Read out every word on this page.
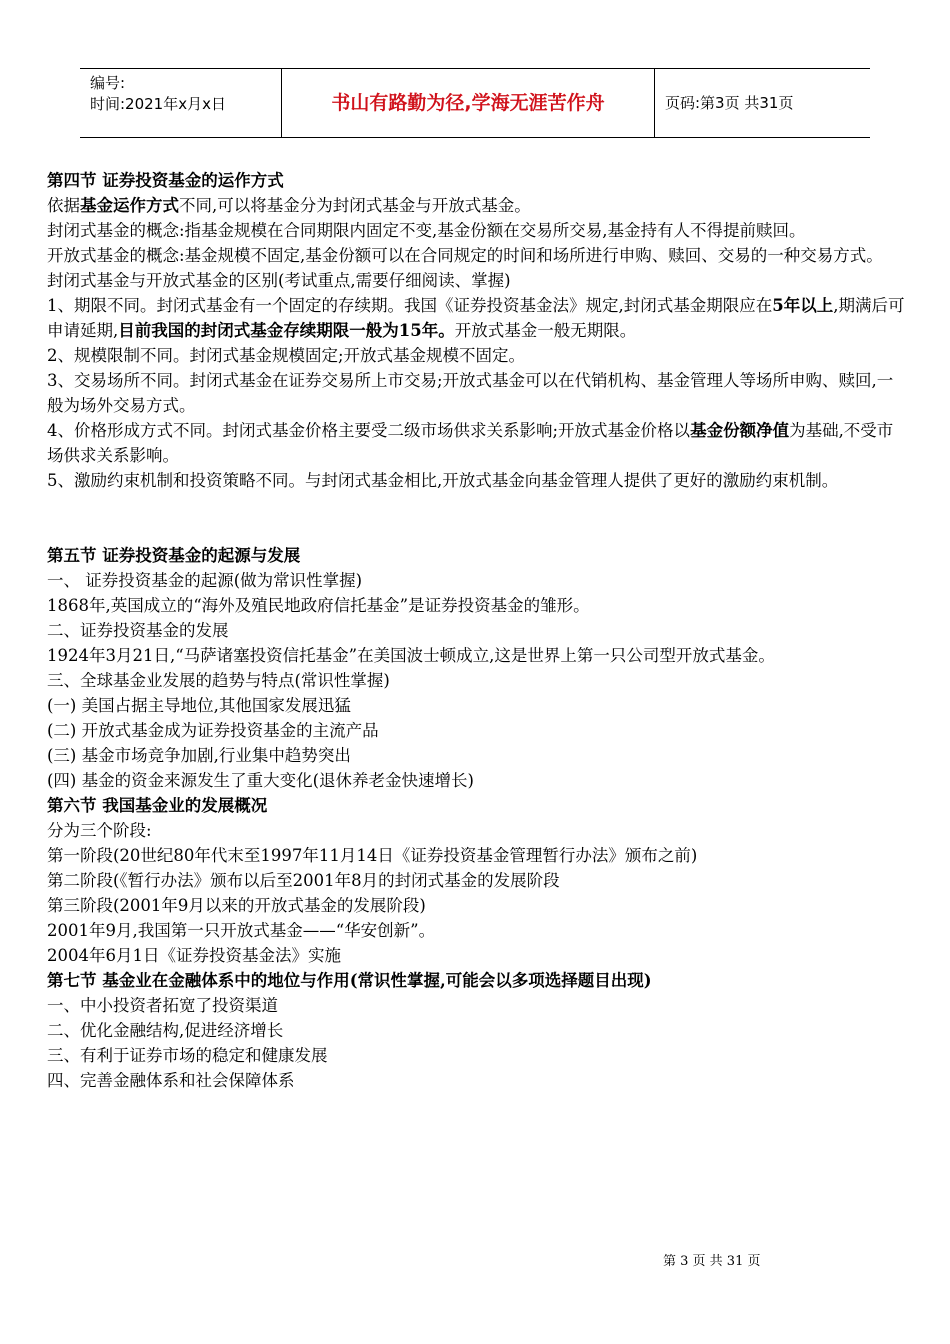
编号:
时间:2021年x月x日	书山有路勤为径,学海无涯苦作舟	页码:第3页 共31页

第四节 证券投资基金的运作方式

依据基金运作方式不同,可以将基金分为封闭式基金与开放式基金。

封闭式基金的概念:指基金规模在合同期限内固定不变,基金份额在交易所交易,基金持有人不得提前赎回。

开放式基金的概念:基金规模不固定,基金份额可以在合同规定的时间和场所进行申购、赎回、交易的一种交易方式。

封闭式基金与开放式基金的区别(考试重点,需要仔细阅读、掌握)

1、期限不同。封闭式基金有一个固定的存续期。我国《证券投资基金法》规定,封闭式基金期限应在5年以上,期满后可申请延期,目前我国的封闭式基金存续期限一般为15年。开放式基金一般无期限。

2、规模限制不同。封闭式基金规模固定;开放式基金规模不固定。

3、交易场所不同。封闭式基金在证券交易所上市交易;开放式基金可以在代销机构、基金管理人等场所申购、赎回,一般为场外交易方式。

4、价格形成方式不同。封闭式基金价格主要受二级市场供求关系影响;开放式基金价格以基金份额净值为基础,不受市场供求关系影响。

5、激励约束机制和投资策略不同。与封闭式基金相比,开放式基金向基金管理人提供了更好的激励约束机制。

第五节 证券投资基金的起源与发展

一、 证券投资基金的起源(做为常识性掌握)

1868年,英国成立的“海外及殖民地政府信托基金”是证券投资基金的雏形。

二、证券投资基金的发展

1924年3月21日,“马萨诸塞投资信托基金”在美国波士顿成立,这是世界上第一只公司型开放式基金。

三、全球基金业发展的趋势与特点(常识性掌握)

(一) 美国占据主导地位,其他国家发展迅猛

(二) 开放式基金成为证券投资基金的主流产品

(三) 基金市场竞争加剧,行业集中趋势突出

(四) 基金的资金来源发生了重大变化(退休养老金快速增长)

第六节 我国基金业的发展概况

分为三个阶段:

第一阶段(20世纪80年代末至1997年11月14日《证券投资基金管理暂行办法》颁布之前)

第二阶段(《暂行办法》颁布以后至2001年8月的封闭式基金的发展阶段

第三阶段(2001年9月以来的开放式基金的发展阶段)

2001年9月,我国第一只开放式基金——“华安创新”。

2004年6月1日《证券投资基金法》实施

第七节 基金业在金融体系中的地位与作用(常识性掌握,可能会以多项选择题目出现)

一、中小投资者拓宽了投资渠道

二、优化金融结构,促进经济增长

三、有利于证券市场的稳定和健康发展

四、完善金融体系和社会保障体系

第 3 页 共 31 页
